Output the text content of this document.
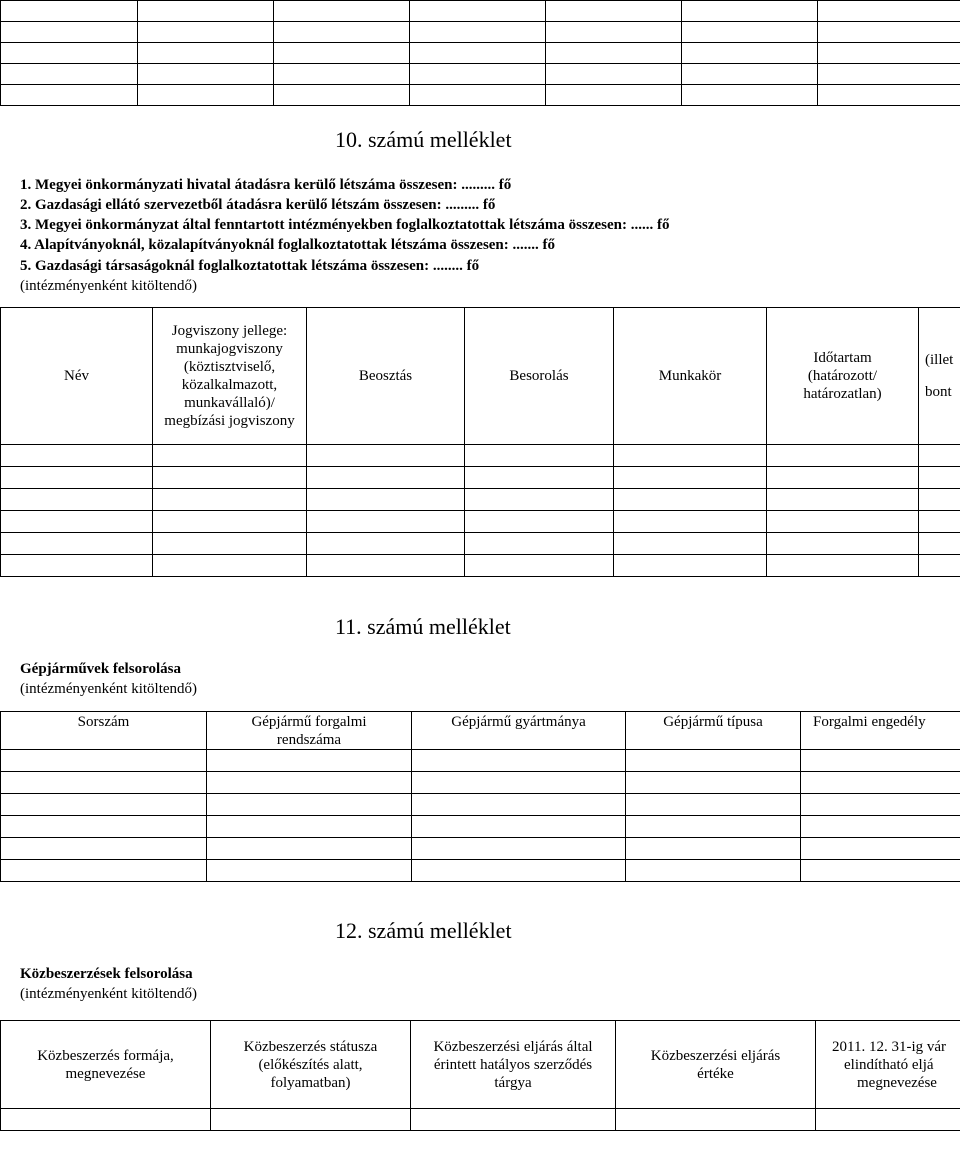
10. számú melléklet
1. Megyei önkormányzati hivatal átadásra kerülő létszáma összesen: ......... fő
2. Gazdasági ellátó szervezetből átadásra kerülő létszám összesen: ......... fő
3. Megyei önkormányzat által fenntartott intézményekben foglalkoztatottak létszáma összesen: ...... fő
4. Alapítványoknál, közalapítványoknál foglalkoztatottak létszáma összesen: ....... fő
5. Gazdasági társaságoknál foglalkoztatottak létszáma összesen: ........ fő
(intézményenként kitöltendő)
Név	Jogviszony jellege: munkajogviszony (köztisztviselő, közalkalmazott, munkavállaló)/ megbízási jogviszony	Beosztás	Besorolás	Munkakör	Időtartam (határozott/ határozatlan)	(illet
bont

11. számú melléklet
Gépjárművek felsorolása
(intézményenként kitöltendő)
Sorszám	Gépjármű forgalmi rendszáma	Gépjármű gyártmánya	Gépjármű típusa	Forgalmi engedély

12. számú melléklet
Közbeszerzések felsorolása
(intézményenként kitöltendő)
Közbeszerzés formája, megnevezése	Közbeszerzés státusza (előkészítés alatt, folyamatban)	Közbeszerzési eljárás által érintett hatályos szerződés tárgya	Közbeszerzési eljárás értéke	2011. 12. 31-ig vár
elindítható eljá
megnevezése
